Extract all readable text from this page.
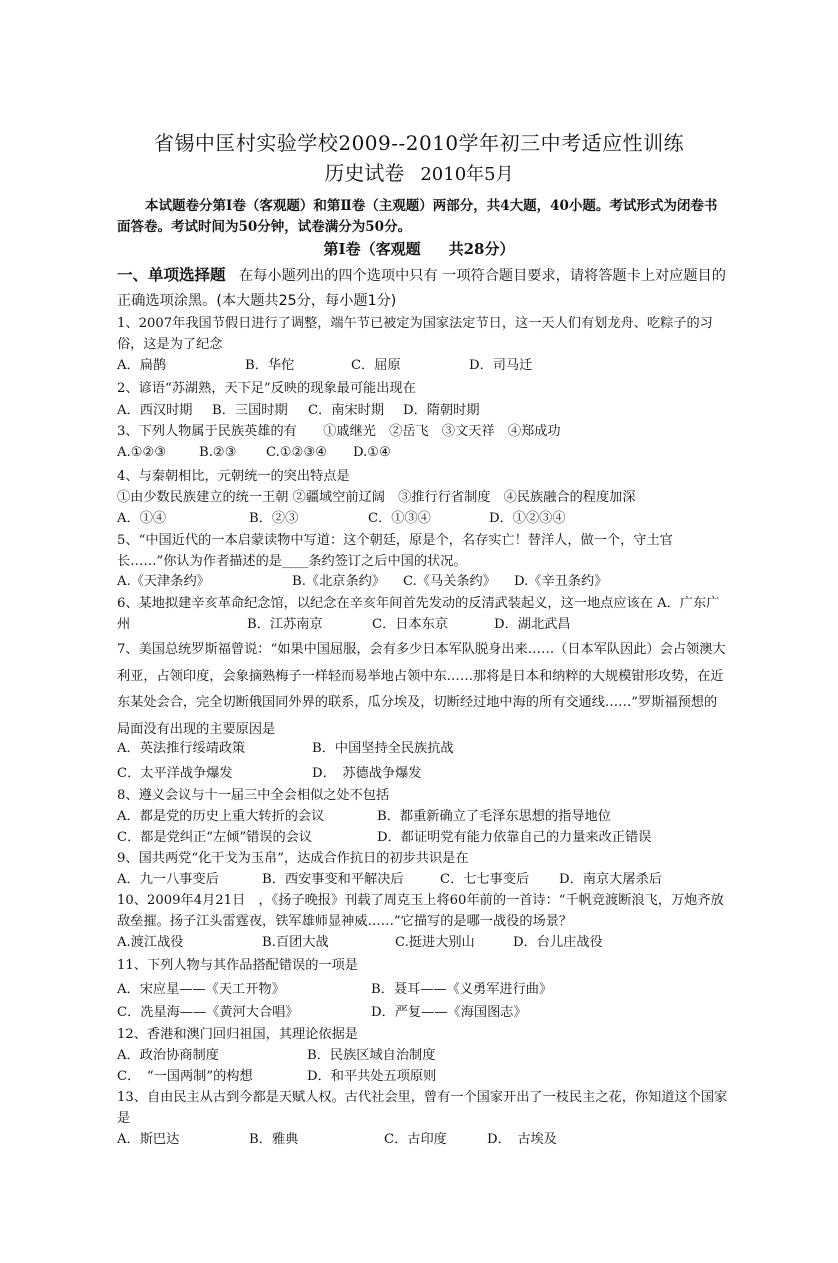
省锡中匡村实验学校2009--2010学年初三中考适应性训练
历史试卷 2010年5月
本试题卷分第Ⅰ卷（客观题）和第Ⅱ卷（主观题）两部分，共4大题，40小题。考试形式为闭卷书面答卷。考试时间为50分钟，试卷满分为50分。
第Ⅰ卷（客观题 共28分）
一、单项选择题 在每小题列出的四个选项中只有 一项符合题目要求，请将答题卡上对应题目的正确选项涂黑。(本大题共25分，每小题1分)
1、2007年我国节假日进行了调整，端午节已被定为国家法定节日，这一天人们有划龙舟、吃粽子的习俗，这是为了纪念
A．扁鹊	B．华佗	C．屈原	D．司马迁
2、谚语“苏湖熟，天下足”反映的现象最可能出现在
A．西汉时期 B．三国时期 C．南宋时期 D．隋朝时期
3、下列人物属于民族英雄的有　　①戚继光　②岳飞　③文天祥　④郑成功
A.①②③ B.②③ C.①②③④ D.①④
4、与秦朝相比，元朝统一的突出特点是
①由少数民族建立的统一王朝 ②疆域空前辽阔　③推行行省制度　④民族融合的程度加深
A．①④	B．②③	C．①③④	D．①②③④
5、“中国近代的一本启蒙读物中写道：这个朝廷，原是个，名存实亡！替洋人，做一个，守土官长……”你认为作者描述的是____条约签订之后中国的状况。
A.《天津条约》	B.《北京条约》 C.《马关条约》 D.《辛丑条约》
6、某地拟建辛亥革命纪念馆，以纪念在辛亥年间首先发动的反清武装起义，这一地点应该在 A．广东广州	B．江苏南京	C．日本东京	D．湖北武昌
7、美国总统罗斯福曾说：“如果中国屈服，会有多少日本军队脱身出来……（日本军队因此）会占领澳大利亚，占领印度，会象摘熟梅子一样轻而易举地占领中东……那将是日本和纳粹的大规模钳形攻势，在近东某处会合，完全切断俄国同外界的联系，瓜分埃及，切断经过地中海的所有交通线……”罗斯福预想的局面没有出现的主要原因是
A．英法推行绥靖政策	B．中国坚持全民族抗战
C．太平洋战争爆发	D．　苏德战争爆发
8、遵义会议与十一届三中全会相似之处不包括
A．都是党的历史上重大转折的会议	B．都重新确立了毛泽东思想的指导地位
C．都是党纠正“左倾”错误的会议	D．都证明党有能力依靠自己的力量来改正错误
9、国共两党“化干戈为玉帛”，达成合作抗日的初步共识是在
A．九一八事变后	B．西安事变和平解决后	C．七七事变后 D．南京大屠杀后
10、2009年4月21日　，《扬子晚报》刊载了周克玉上将60年前的一首诗：“千帆竞渡断浪飞，万炮齐放敌垒摧。扬子江头雷霆夜，铁军雄师显神威……”它描写的是哪一战役的场景？
A.渡江战役	B.百团大战	C.挺进大别山	D．台儿庄战役
11、下列人物与其作品搭配错误的一项是
A．宋应星——《天工开物》	B．聂耳——《义勇军进行曲》
C．冼星海——《黄河大合唱》	D．严复——《海国图志》
12、香港和澳门回归祖国，其理论依据是
A．政治协商制度	B．民族区域自治制度
C．　“一国两制”的构想	D．和平共处五项原则
13、自由民主从古到今都是天赋人权。古代社会里，曾有一个国家开出了一枝民主之花，你知道这个国家是
A．斯巴达	B．雅典	C．古印度	D．　古埃及
